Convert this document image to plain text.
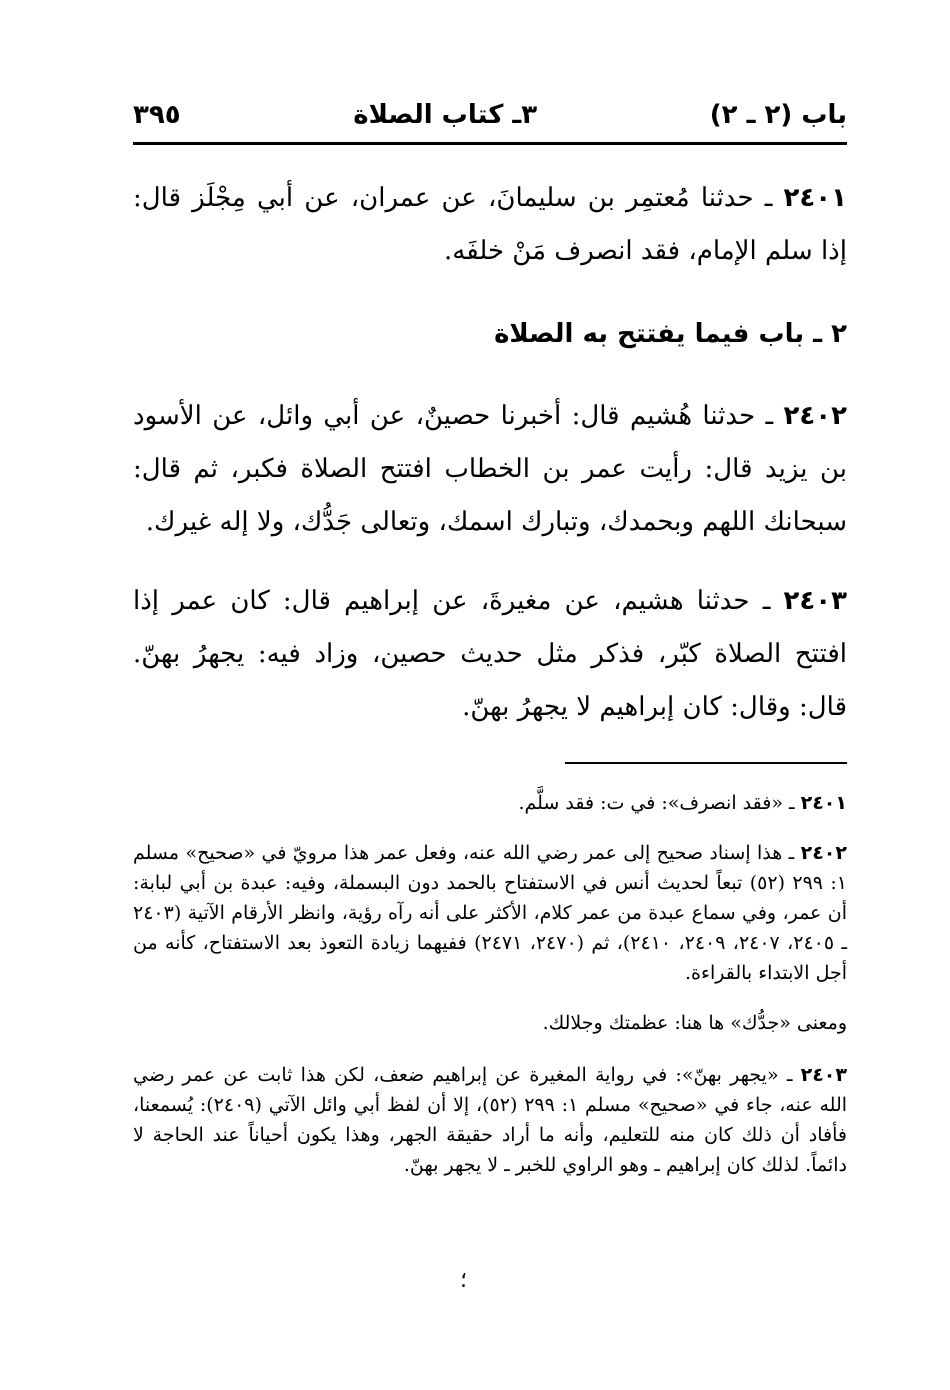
باب (٢ ـ ٢)
٣ـ كتاب الصلاة
٣٩٥

٢٤٠١ ـ حدثنا مُعتمِر بن سليمانَ، عن عمران، عن أبي مِجْلَز قال: إذا سلم الإمام، فقد انصرف مَنْ خلفَه.

٢ ـ باب فيما يفتتح به الصلاة

٢٤٠٢ ـ حدثنا هُشيم قال: أخبرنا حصينٌ، عن أبي وائل، عن الأسود بن يزيد قال: رأيت عمر بن الخطاب افتتح الصلاة فكبر، ثم قال: سبحانك اللهم وبحمدك، وتبارك اسمك، وتعالى جَدُّك، ولا إله غيرك.

٢٤٠٣ ـ حدثنا هشيم، عن مغيرةَ، عن إبراهيم قال: كان عمر إذا افتتح الصلاة كبّر، فذكر مثل حديث حصين، وزاد فيه: يجهرُ بهنّ. قال: وقال: كان إبراهيم لا يجهرُ بهنّ.

٢٤٠١ ـ «فقد انصرف»: في ت: فقد سلَّم.

٢٤٠٢ ـ هذا إسناد صحيح إلى عمر رضي الله عنه، وفعل عمر هذا مرويّ في «صحيح» مسلم ١: ٢٩٩ (٥٢) تبعاً لحديث أنس في الاستفتاح بالحمد دون البسملة، وفيه: عبدة بن أبي لبابة: أن عمر، وفي سماع عبدة من عمر كلام، الأكثر على أنه رآه رؤية، وانظر الأرقام الآتية (٢٤٠٣ ـ ٢٤٠٥، ٢٤٠٧، ٢٤٠٩، ٢٤١٠)، ثم (٢٤٧٠، ٢٤٧١) ففيهما زيادة التعوذ بعد الاستفتاح، كأنه من أجل الابتداء بالقراءة.

ومعنى «جدُّك» ها هنا: عظمتك وجلالك.

٢٤٠٣ ـ «يجهر بهنّ»: في رواية المغيرة عن إبراهيم ضعف، لكن هذا ثابت عن عمر رضي الله عنه، جاء في «صحيح» مسلم ١: ٢٩٩ (٥٢)، إلا أن لفظ أبي وائل الآتي (٢٤٠٩): يُسمعنا، فأفاد أن ذلك كان منه للتعليم، وأنه ما أراد حقيقة الجهر، وهذا يكون أحياناً عند الحاجة لا دائماً. لذلك كان إبراهيم ـ وهو الراوي للخبر ـ لا يجهر بهنّ.

؛
